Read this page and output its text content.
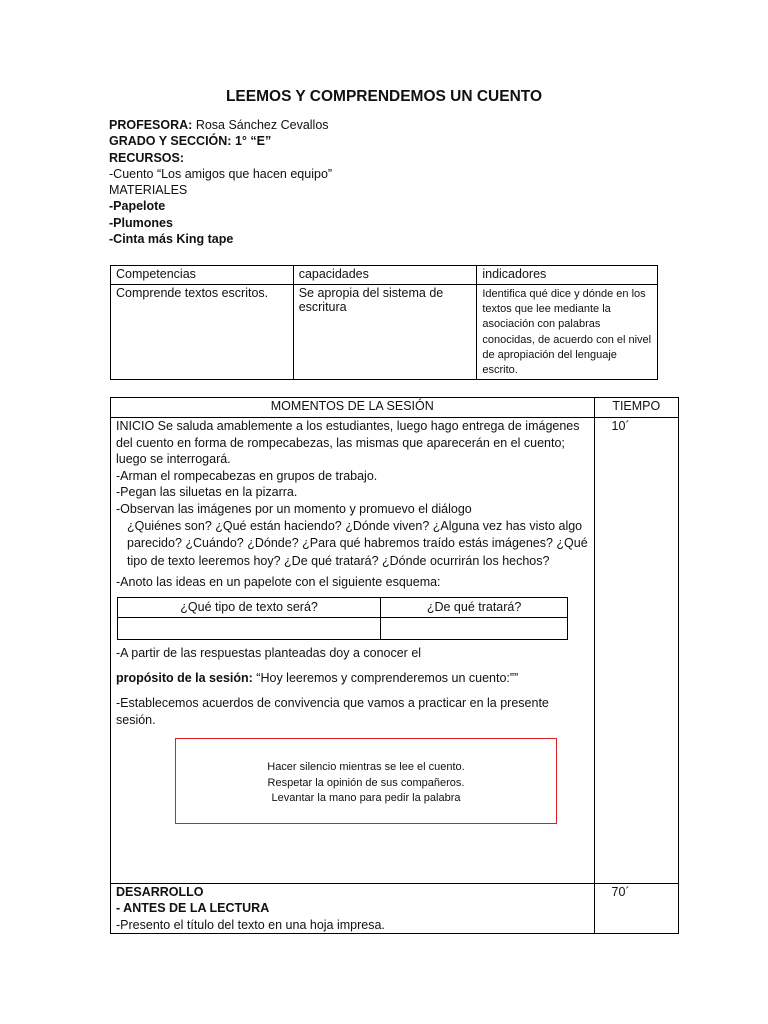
LEEMOS Y COMPRENDEMOS UN CUENTO
PROFESORA: Rosa Sánchez Cevallos
GRADO Y SECCIÓN: 1° “E”
RECURSOS:
-Cuento “Los amigos que hacen equipo”
MATERIALES
-Papelote
-Plumones
-Cinta más King tape
Competencias	capacidades	indicadores
Comprende textos escritos.	Se apropia del sistema de escritura	Identifica qué dice y dónde en los textos que lee mediante la asociación con palabras conocidas, de acuerdo con el nivel de apropiación del lenguaje escrito.
MOMENTOS DE LA SESIÓN	TIEMPO

INICIO Se saluda amablemente a los estudiantes, luego hago entrega de imágenes del cuento en forma de rompecabezas, las mismas que aparecerán en el cuento; luego se interrogará.
-Arman el rompecabezas en grupos de trabajo.
-Pegan las siluetas en la pizarra.
-Observan las imágenes por un momento y promuevo el diálogo
¿Quiénes son? ¿Qué están haciendo? ¿Dónde viven? ¿Alguna vez has visto algo parecido? ¿Cuándo? ¿Dónde? ¿Para qué habremos traído estás imágenes? ¿Qué tipo de texto leeremos hoy? ¿De qué tratará? ¿Dónde ocurrirán los hechos?
-Anoto las ideas en un papelote con el siguiente esquema:
¿Qué tipo de texto será?	¿De qué tratará?

-A partir de las respuestas planteadas doy a conocer el
propósito de la sesión: “Hoy leeremos y comprenderemos un cuento:””
-Establecemos acuerdos de convivencia que vamos a practicar en la presente sesión.
Hacer silencio mientras se lee el cuento.
Respetar la opinión de sus compañeros.
Levantar la mano para pedir la palabra
	10´

DESARROLLO
- ANTES DE LA LECTURA
-Presento el título del texto en una hoja impresa.
	70´
